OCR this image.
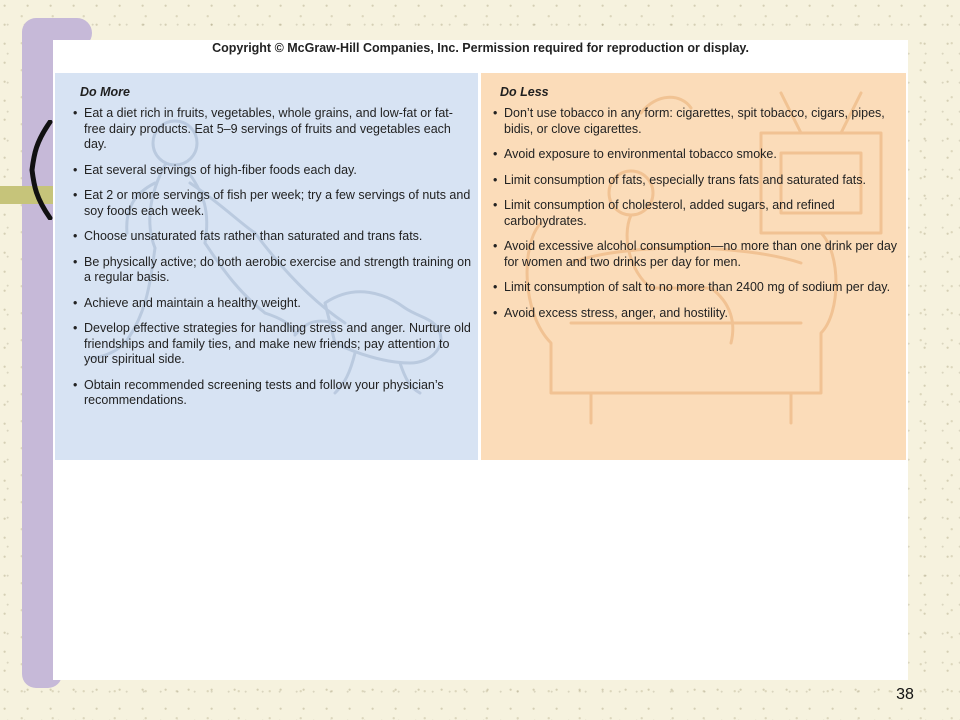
Copyright © McGraw-Hill Companies, Inc. Permission required for reproduction or display.
Do More
• Eat a diet rich in fruits, vegetables, whole grains, and low-fat or fat-free dairy products. Eat 5–9 servings of fruits and vegetables each day.
• Eat several servings of high-fiber foods each day.
• Eat 2 or more servings of fish per week; try a few servings of nuts and soy foods each week.
• Choose unsaturated fats rather than saturated and trans fats.
• Be physically active; do both aerobic exercise and strength training on a regular basis.
• Achieve and maintain a healthy weight.
• Develop effective strategies for handling stress and anger. Nurture old friendships and family ties, and make new friends; pay attention to your spiritual side.
• Obtain recommended screening tests and follow your physician’s recommendations.
Do Less
• Don’t use tobacco in any form: cigarettes, spit tobacco, cigars, pipes, bidis, or clove cigarettes.
• Avoid exposure to environmental tobacco smoke.
• Limit consumption of fats, especially trans fats and saturated fats.
• Limit consumption of cholesterol, added sugars, and refined carbohydrates.
• Avoid excessive alcohol consumption—no more than one drink per day for women and two drinks per day for men.
• Limit consumption of salt to no more than 2400 mg of sodium per day.
• Avoid excess stress, anger, and hostility.
38
